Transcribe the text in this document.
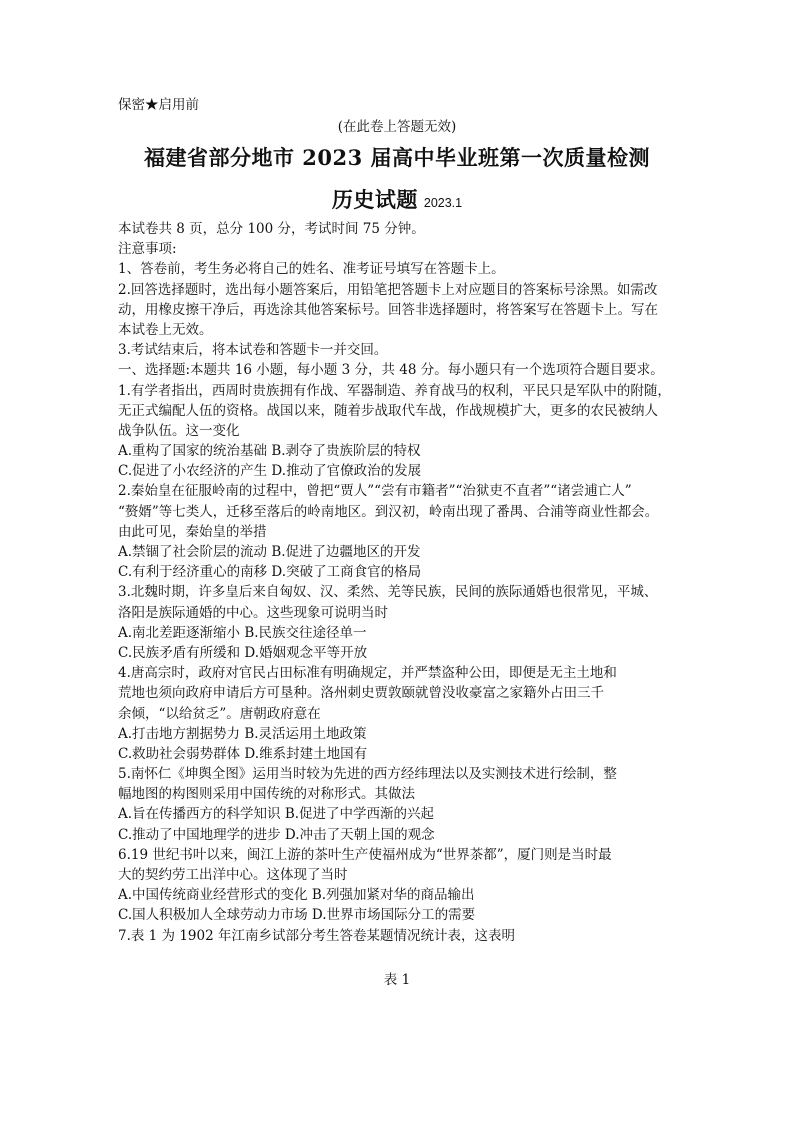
保密★启用前
(在此卷上答题无效)
福建省部分地市 2023 届高中毕业班第一次质量检测
历史试题 2023.1
本试卷共 8 页，总分 100 分，考试时间 75 分钟。
注意事项:
1、答卷前，考生务必将自己的姓名、准考证号填写在答题卡上。
2.回答选择题时，选出每小题答案后，用铅笔把答题卡上对应题目的答案标号涂黑。如需改
动，用橡皮擦干净后，再选涂其他答案标号。回答非选择题时，将答案写在答题卡上。写在
本试卷上无效。
3.考试结束后，将本试卷和答题卡一并交回。
一、选择题:本题共 16 小题，每小题 3 分，共 48 分。每小题只有一个选项符合题目要求。
1.有学者指出，西周时贵族拥有作战、军器制造、养育战马的权利，平民只是军队中的附随，
无正式编配人伍的资格。战国以来，随着步战取代车战，作战规模扩大，更多的农民被纳人
战争队伍。这一变化
A.重构了国家的统治基础 B.剥夺了贵族阶层的特权
C.促进了小农经济的产生 D.推动了官僚政治的发展
2.秦始皇在征服岭南的过程中，曾把“贾人”“尝有市籍者”“治狱吏不直者”“诸尝逋亡人”
“赘婿”等七类人，迁移至落后的岭南地区。到汉初，岭南出现了番禺、合浦等商业性都会。
由此可见，秦始皇的举措
A.禁锢了社会阶层的流动 B.促进了边疆地区的开发
C.有利于经济重心的南移 D.突破了工商食官的格局
3.北魏时期，许多皇后来自匈奴、汉、柔然、羌等民族，民间的族际通婚也很常见，平城、
洛阳是族际通婚的中心。这些现象可说明当时
A.南北差距逐渐缩小 B.民族交往途径单一
C.民族矛盾有所缓和 D.婚姻观念平等开放
4.唐高宗时，政府对官民占田标准有明确规定，并严禁盗种公田，即便是无主土地和
荒地也须向政府申请后方可垦种。洛州刺史贾敦颐就曾没收豪富之家籍外占田三千
余倾，“以给贫乏”。唐朝政府意在
A.打击地方割据势力 B.灵活运用土地政策
C.救助社会弱势群体 D.维系封建土地国有
5.南怀仁《坤舆全图》运用当时较为先进的西方经纬理法以及实测技术进行绘制，整
幅地图的构图则采用中国传统的对称形式。其做法
A.旨在传播西方的科学知识 B.促进了中学西渐的兴起
C.推动了中国地理学的进步 D.冲击了天朝上国的观念
6.19 世纪书叶以来，闽江上游的茶叶生产使福州成为“世界茶都”，厦门则是当时最
大的契约劳工出洋中心。这体现了当时
A.中国传统商业经营形式的变化 B.列强加紧对华的商品输出
C.国人积极加人全球劳动力市场 D.世界市场国际分工的需要
7.表 1 为 1902 年江南乡试部分考生答卷某题情况统计表，这表明
表 1
